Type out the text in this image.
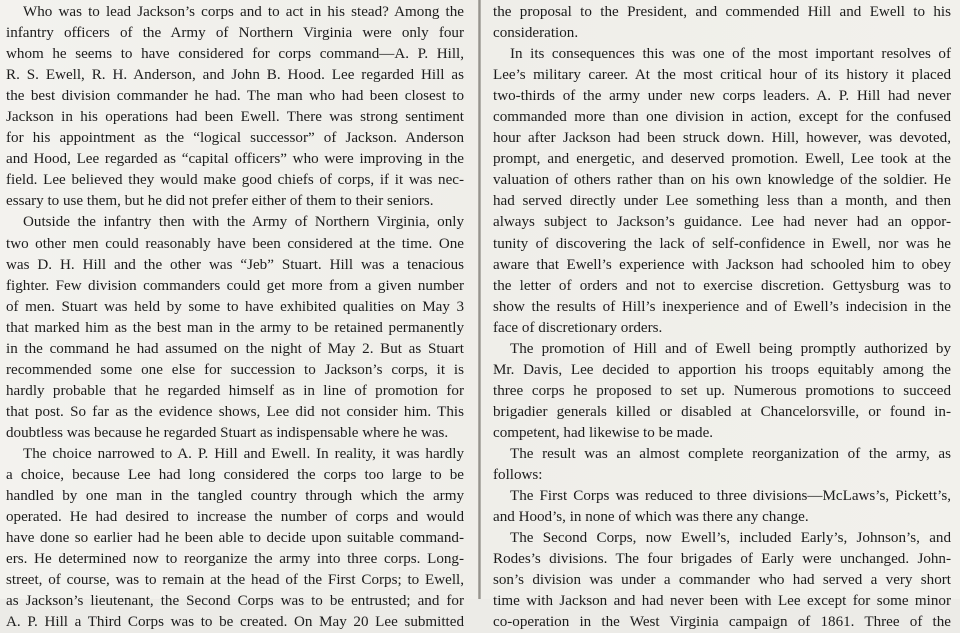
Who was to lead Jackson’s corps and to act in his stead? Among the
infantry officers of the Army of Northern Virginia were only four
whom he seems to have considered for corps command—A. P. Hill,
R. S. Ewell, R. H. Anderson, and John B. Hood. Lee regarded Hill as
the best division commander he had. The man who had been closest to
Jackson in his operations had been Ewell. There was strong sentiment
for his appointment as the “logical successor” of Jackson. Anderson
and Hood, Lee regarded as “capital officers” who were improving in the
field. Lee believed they would make good chiefs of corps, if it was nec-
essary to use them, but he did not prefer either of them to their seniors.
Outside the infantry then with the Army of Northern Virginia, only
two other men could reasonably have been considered at the time. One
was D. H. Hill and the other was “Jeb” Stuart. Hill was a tenacious
fighter. Few division commanders could get more from a given number
of men. Stuart was held by some to have exhibited qualities on May 3
that marked him as the best man in the army to be retained permanently
in the command he had assumed on the night of May 2. But as Stuart
recommended some one else for succession to Jackson’s corps, it is
hardly probable that he regarded himself as in line of promotion for
that post. So far as the evidence shows, Lee did not consider him. This
doubtless was because he regarded Stuart as indispensable where he was.
The choice narrowed to A. P. Hill and Ewell. In reality, it was hardly
a choice, because Lee had long considered the corps too large to be
handled by one man in the tangled country through which the army
operated. He had desired to increase the number of corps and would
have done so earlier had he been able to decide upon suitable command-
ers. He determined now to reorganize the army into three corps. Long-
street, of course, was to remain at the head of the First Corps; to Ewell,
as Jackson’s lieutenant, the Second Corps was to be entrusted; and for
A. P. Hill a Third Corps was to be created. On May 20 Lee submitted
the proposal to the President, and commended Hill and Ewell to his
consideration.
In its consequences this was one of the most important resolves of
Lee’s military career. At the most critical hour of its history it placed
two-thirds of the army under new corps leaders. A. P. Hill had never
commanded more than one division in action, except for the confused
hour after Jackson had been struck down. Hill, however, was devoted,
prompt, and energetic, and deserved promotion. Ewell, Lee took at the
valuation of others rather than on his own knowledge of the soldier. He
had served directly under Lee something less than a month, and then
always subject to Jackson’s guidance. Lee had never had an oppor-
tunity of discovering the lack of self-confidence in Ewell, nor was he
aware that Ewell’s experience with Jackson had schooled him to obey
the letter of orders and not to exercise discretion. Gettysburg was to
show the results of Hill’s inexperience and of Ewell’s indecision in the
face of discretionary orders.
The promotion of Hill and of Ewell being promptly authorized by
Mr. Davis, Lee decided to apportion his troops equitably among the
three corps he proposed to set up. Numerous promotions to succeed
brigadier generals killed or disabled at Chancelorsville, or found in-
competent, had likewise to be made.
The result was an almost complete reorganization of the army, as
follows:
The First Corps was reduced to three divisions—McLaws’s, Pickett’s,
and Hood’s, in none of which was there any change.
The Second Corps, now Ewell’s, included Early’s, Johnson’s, and
Rodes’s divisions. The four brigades of Early were unchanged. John-
son’s division was under a commander who had served a very short
time with Jackson and had never been with Lee except for some minor
co-operation in the West Virginia campaign of 1861. Three of the
